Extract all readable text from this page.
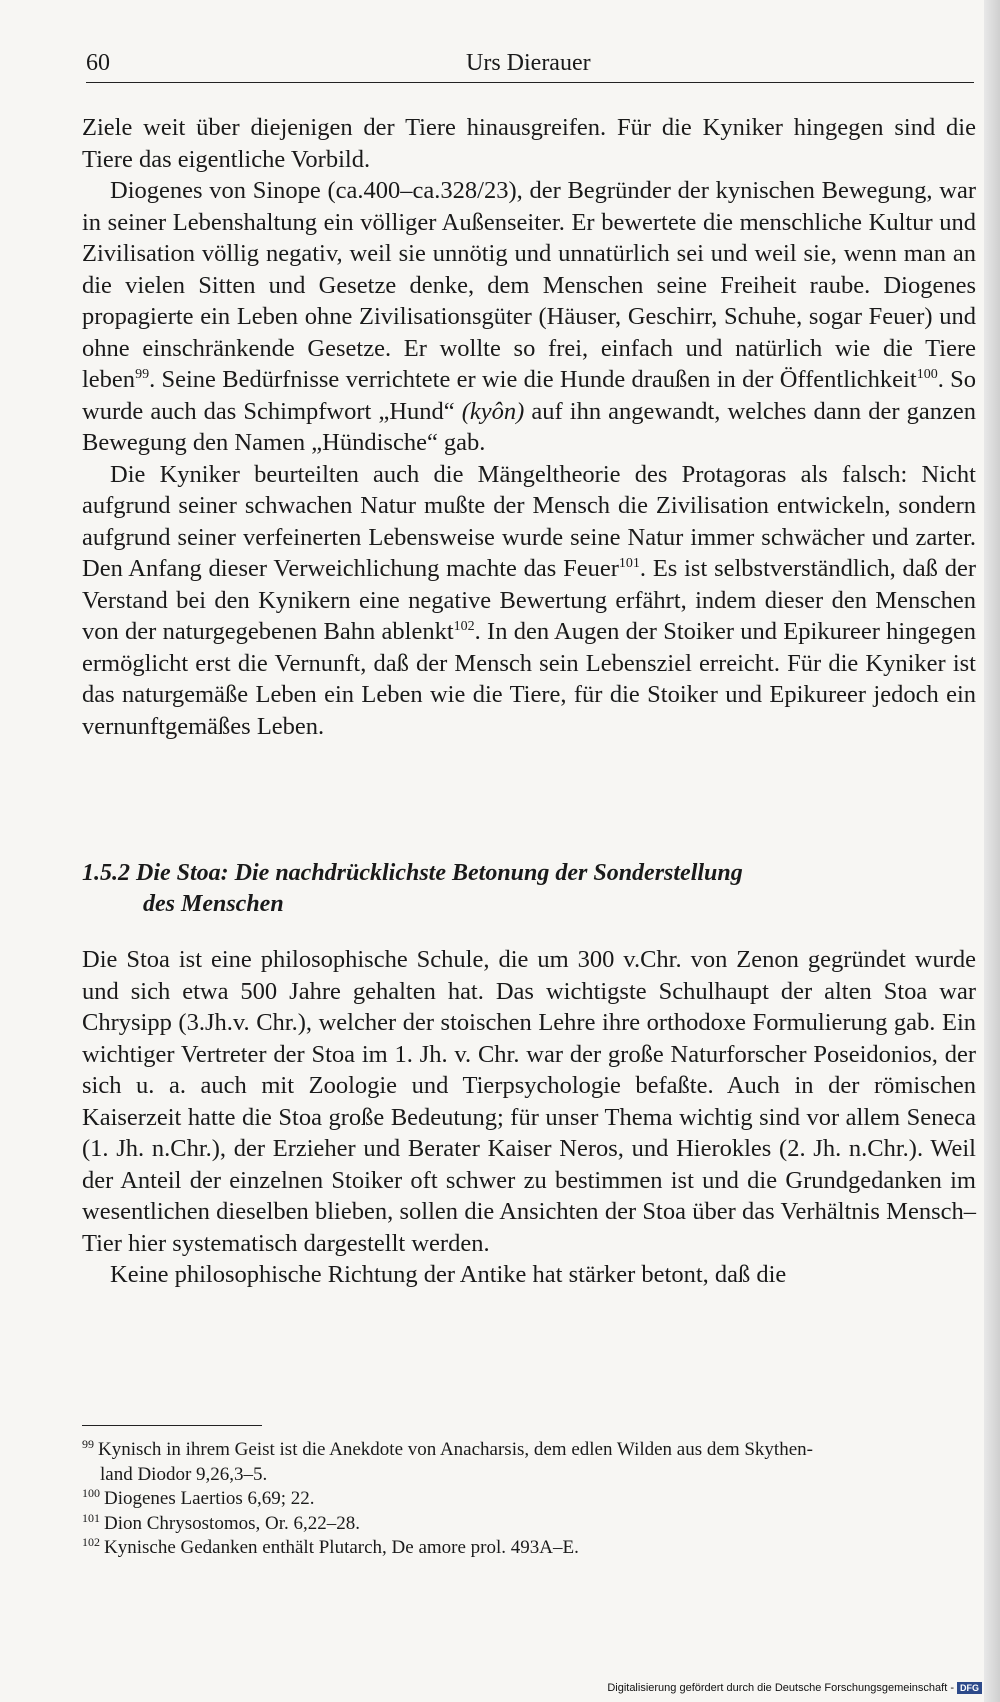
60	Urs Dierauer

Ziele weit über diejenigen der Tiere hinausgreifen. Für die Kyniker hingegen sind die Tiere das eigentliche Vorbild.

Diogenes von Sinope (ca.400–ca.328/23), der Begründer der kynischen Bewegung, war in seiner Lebenshaltung ein völliger Außenseiter. Er bewertete die menschliche Kultur und Zivilisation völlig negativ, weil sie unnötig und unnatürlich sei und weil sie, wenn man an die vielen Sitten und Gesetze denke, dem Menschen seine Freiheit raube. Diogenes propagierte ein Leben ohne Zivilisationsgüter (Häuser, Geschirr, Schuhe, sogar Feuer) und ohne einschränkende Gesetze. Er wollte so frei, einfach und natürlich wie die Tiere leben$^{99}$. Seine Bedürfnisse verrichtete er wie die Hunde draußen in der Öffentlichkeit$^{100}$. So wurde auch das Schimpfwort „Hund“ (kyôn) auf ihn angewandt, welches dann der ganzen Bewegung den Namen „Hündische“ gab.

Die Kyniker beurteilten auch die Mängeltheorie des Protagoras als falsch: Nicht aufgrund seiner schwachen Natur mußte der Mensch die Zivilisation entwickeln, sondern aufgrund seiner verfeinerten Lebensweise wurde seine Natur immer schwächer und zarter. Den Anfang dieser Verweichlichung machte das Feuer$^{101}$. Es ist selbstverständlich, daß der Verstand bei den Kynikern eine negative Bewertung erfährt, indem dieser den Menschen von der naturgegebenen Bahn ablenkt$^{102}$. In den Augen der Stoiker und Epikureer hingegen ermöglicht erst die Vernunft, daß der Mensch sein Lebensziel erreicht. Für die Kyniker ist das naturgemäße Leben ein Leben wie die Tiere, für die Stoiker und Epikureer jedoch ein vernunftgemäßes Leben.

1.5.2 Die Stoa: Die nachdrücklichste Betonung der Sonderstellung
des Menschen

Die Stoa ist eine philosophische Schule, die um 300 v.Chr. von Zenon gegründet wurde und sich etwa 500 Jahre gehalten hat. Das wichtigste Schulhaupt der alten Stoa war Chrysipp (3.Jh.v. Chr.), welcher der stoischen Lehre ihre orthodoxe Formulierung gab. Ein wichtiger Vertreter der Stoa im 1. Jh. v. Chr. war der große Naturforscher Poseidonios, der sich u. a. auch mit Zoologie und Tierpsychologie befaßte. Auch in der römischen Kaiserzeit hatte die Stoa große Bedeutung; für unser Thema wichtig sind vor allem Seneca (1. Jh. n.Chr.), der Erzieher und Berater Kaiser Neros, und Hierokles (2. Jh. n.Chr.). Weil der Anteil der einzelnen Stoiker oft schwer zu bestimmen ist und die Grundgedanken im wesentlichen dieselben blieben, sollen die Ansichten der Stoa über das Verhältnis Mensch–Tier hier systematisch dargestellt werden.

Keine philosophische Richtung der Antike hat stärker betont, daß die

$^{99}$ Kynisch in ihrem Geist ist die Anekdote von Anacharsis, dem edlen Wilden aus dem Skythen-
land Diodor 9,26,3–5.

$^{100}$ Diogenes Laertios 6,69; 22.

$^{101}$ Dion Chrysostomos, Or. 6,22–28.

$^{102}$ Kynische Gedanken enthält Plutarch, De amore prol. 493A–E.

Digitalisierung gefördert durch die Deutsche Forschungsgemeinschaft - DFG
